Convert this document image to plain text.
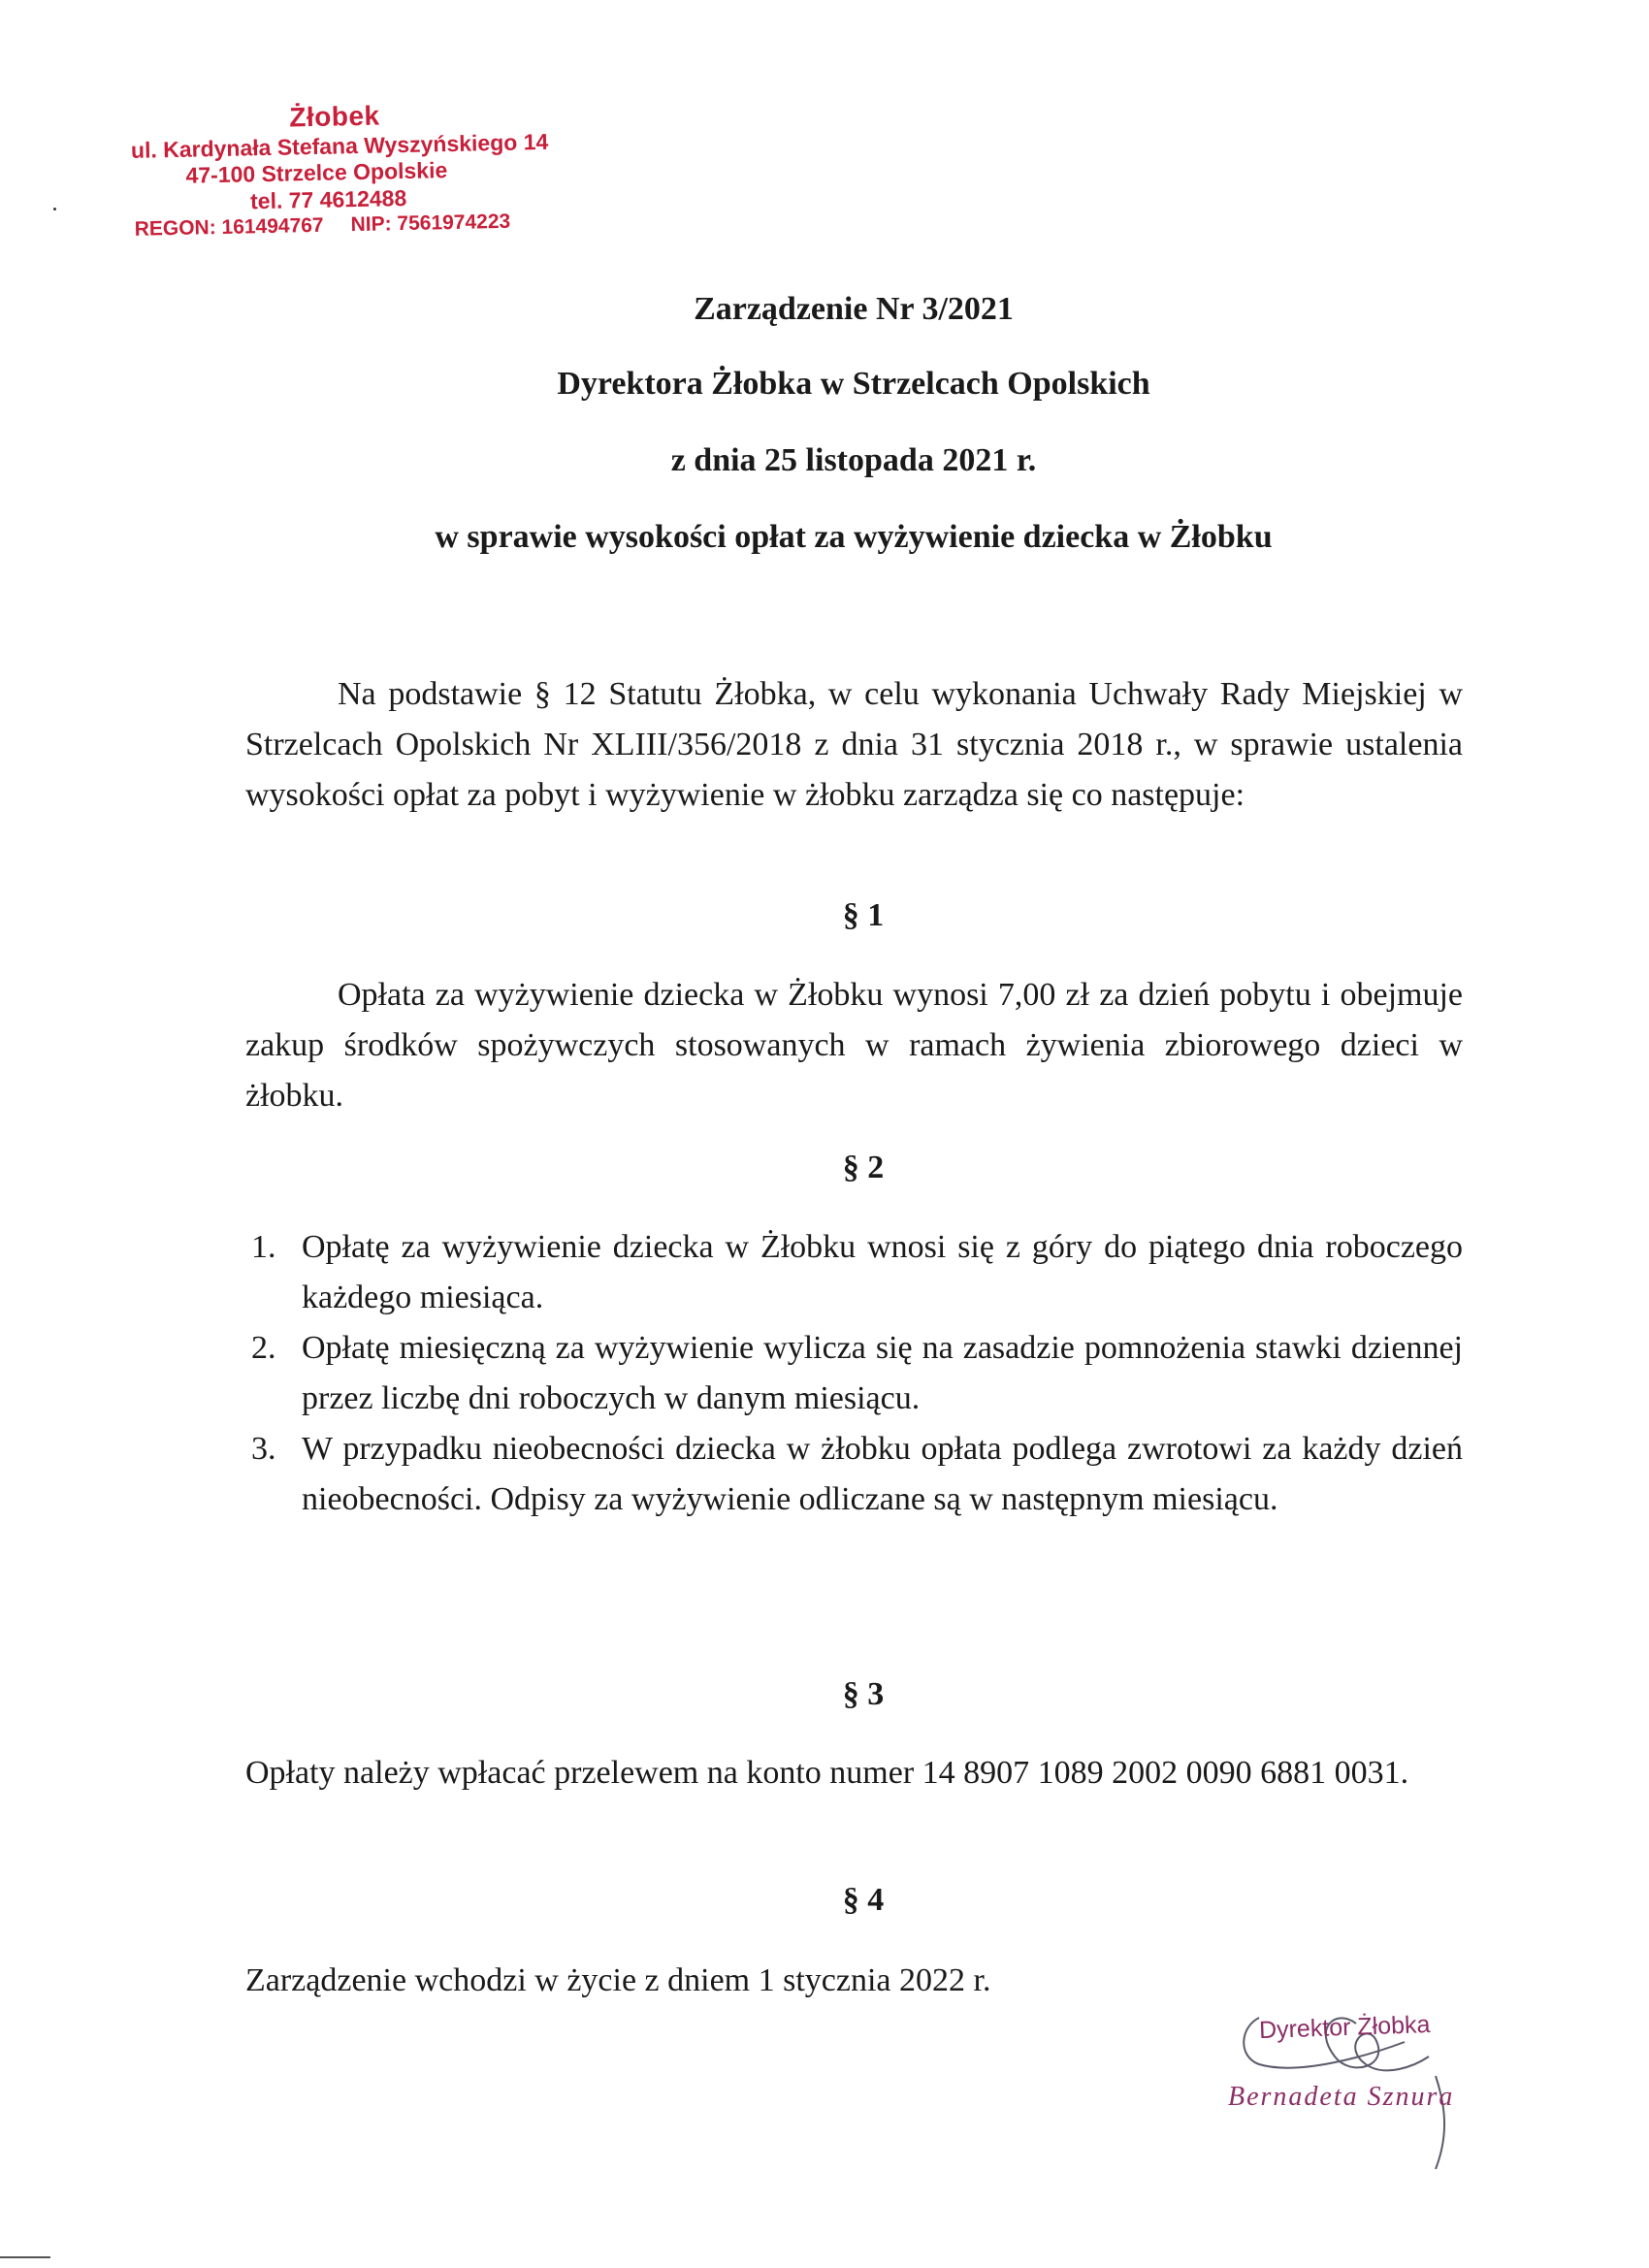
Żłobek
ul. Kardynała Stefana Wyszyńskiego 14
47-100 Strzelce Opolskie
tel. 77 4612488
REGON: 161494767 NIP: 7561974223
Zarządzenie Nr 3/2021
Dyrektora Żłobka w Strzelcach Opolskich
z dnia 25 listopada 2021 r.
w sprawie wysokości opłat za wyżywienie dziecka w Żłobku
Na podstawie § 12 Statutu Żłobka, w celu wykonania Uchwały Rady Miejskiej w Strzelcach Opolskich Nr XLIII/356/2018 z dnia 31 stycznia 2018 r., w sprawie ustalenia wysokości opłat za pobyt i wyżywienie w żłobku zarządza się co następuje:
§ 1
Opłata za wyżywienie dziecka w Żłobku wynosi 7,00 zł za dzień pobytu i obejmuje zakup środków spożywczych stosowanych w ramach żywienia zbiorowego dzieci w żłobku.
§ 2
1. Opłatę za wyżywienie dziecka w Żłobku wnosi się z góry do piątego dnia roboczego każdego miesiąca.
2. Opłatę miesięczną za wyżywienie wylicza się na zasadzie pomnożenia stawki dziennej przez liczbę dni roboczych w danym miesiącu.
3. W przypadku nieobecności dziecka w żłobku opłata podlega zwrotowi za każdy dzień nieobecności. Odpisy za wyżywienie odliczane są w następnym miesiącu.
§ 3
Opłaty należy wpłacać przelewem na konto numer 14 8907 1089 2002 0090 6881 0031.
§ 4
Zarządzenie wchodzi w życie z dniem 1 stycznia 2022 r.
Dyrektor Żłobka
Bernadeta Sznura
